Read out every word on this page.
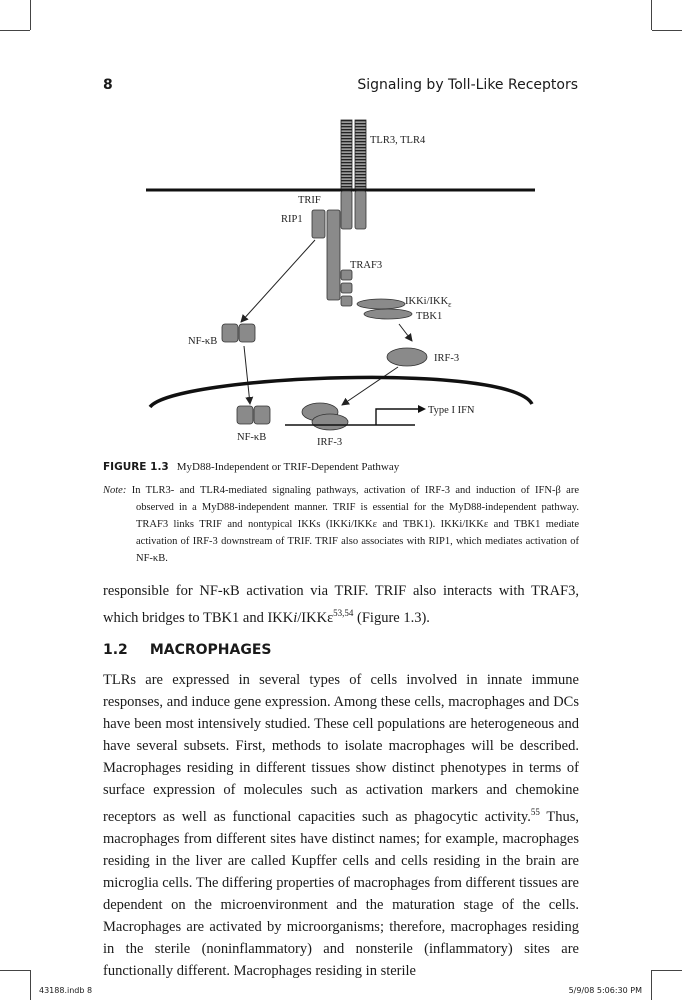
8	Signaling by Toll-Like Receptors
TLR3, TLR4
TRIF
RIP1
TRAF3
IKKi/$IKK_\varepsilon$
TBK1
IRF-3
NF-κB
NF-κB
Type I IFN
IRF-3
FIGURE 1.3 MyD88-Independent or TRIF-Dependent Pathway
Note: In TLR3- and TLR4-mediated signaling pathways, activation of IRF-3 and induction of IFN-β are observed in a MyD88-independent manner. TRIF is essential for the MyD88-independent pathway. TRAF3 links TRIF and nontypical IKKs (IKKi/IKKε and TBK1). IKKi/IKKε and TBK1 mediate activation of IRF-3 downstream of TRIF. TRIF also associates with RIP1, which mediates activation of NF-κB.
responsible for NF-κB activation via TRIF. TRIF also interacts with TRAF3, which bridges to TBK1 and IKKi/IKKε$^{53,54}$ (Figure 1.3).
1.2 MACROPHAGES
TLRs are expressed in several types of cells involved in innate immune responses, and induce gene expression. Among these cells, macrophages and DCs have been most intensively studied. These cell populations are heterogeneous and have several subsets. First, methods to isolate macrophages will be described. Macrophages residing in different tissues show distinct phenotypes in terms of surface expression of molecules such as activation markers and chemokine receptors as well as functional capacities such as phagocytic activity.$^{55}$ Thus, macrophages from different sites have distinct names; for example, macrophages residing in the liver are called Kupffer cells and cells residing in the brain are microglia cells. The differing properties of macrophages from different tissues are dependent on the microenvironment and the maturation stage of the cells. Macrophages are activated by microorganisms; therefore, macrophages residing in the sterile (noninflammatory) and nonsterile (inflammatory) sites are functionally different. Macrophages residing in sterile
43188.indb 8	5/9/08 5:06:30 PM
